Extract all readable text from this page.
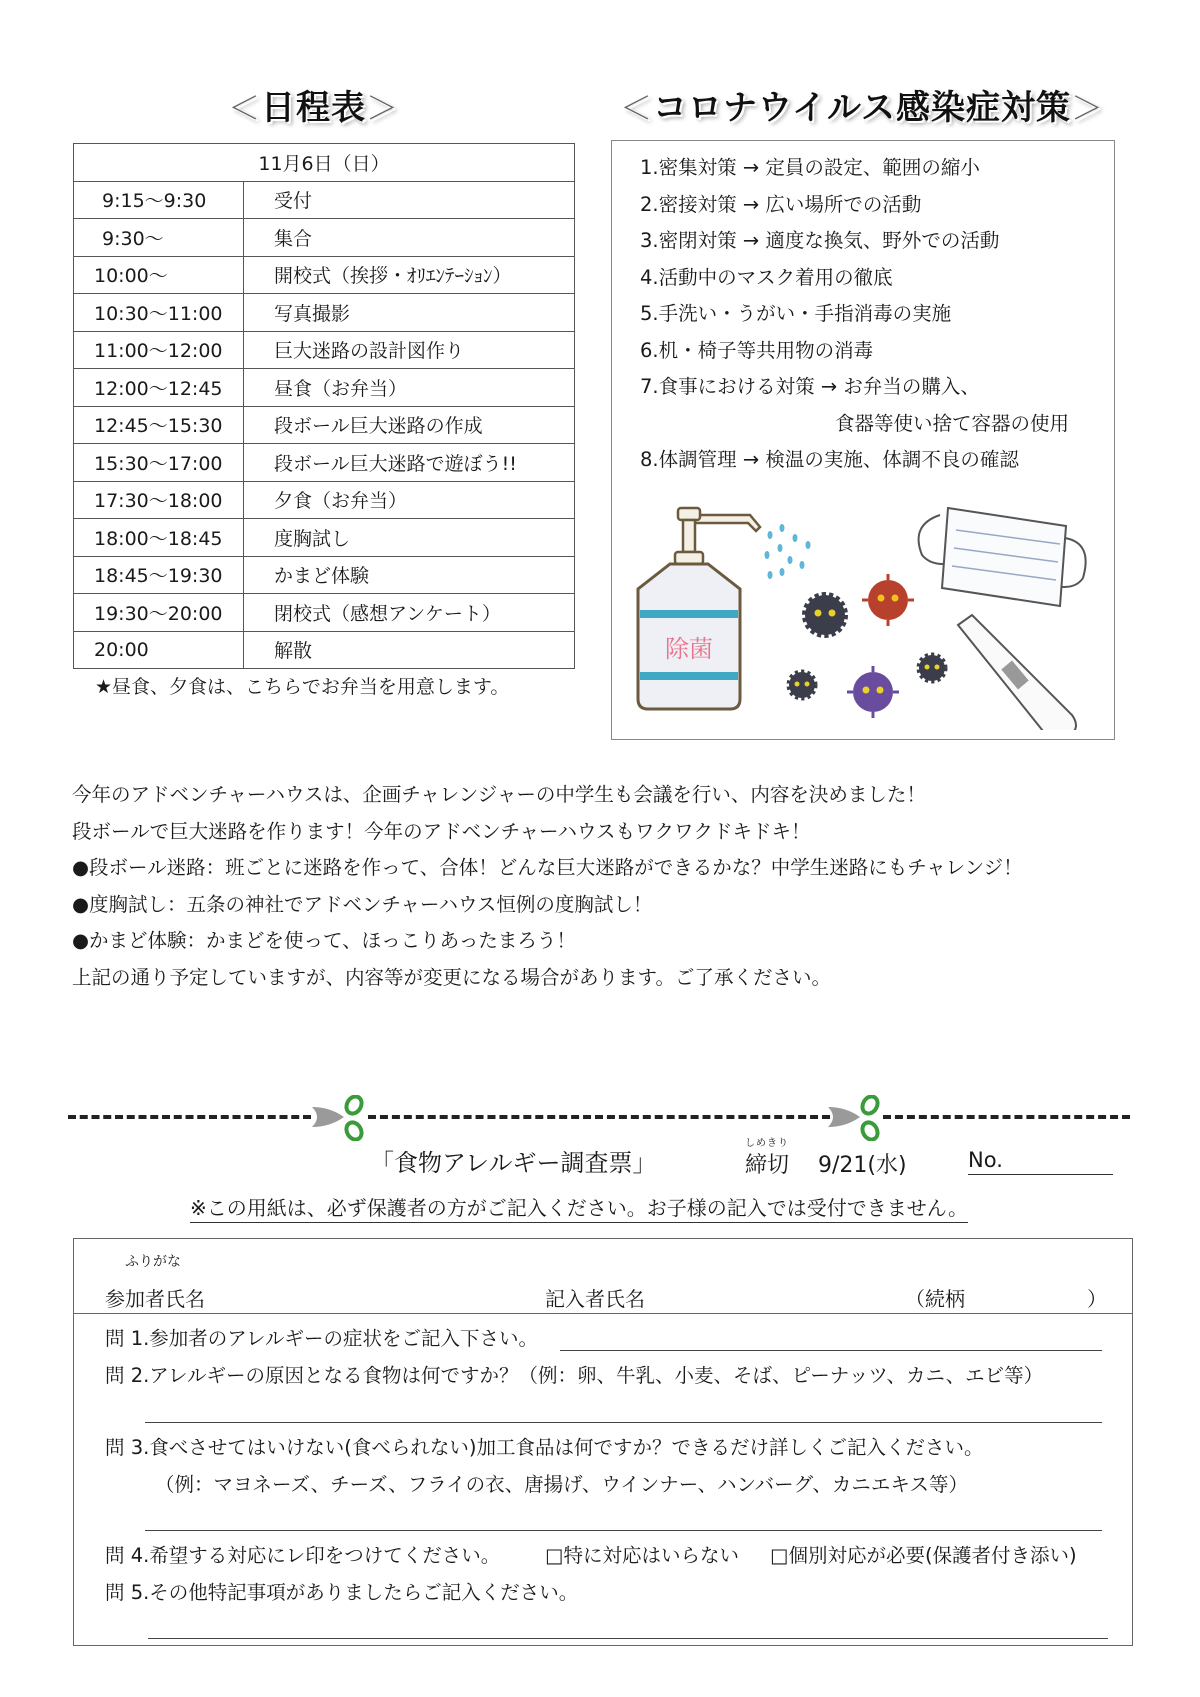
＜日程表＞
11月6日（日）	
9:15～9:30	受付
9:30～	集合
10:00～	開校式（挨拶・ｵﾘｴﾝﾃｰｼｮﾝ）
10:30～11:00	写真撮影
11:00～12:00	巨大迷路の設計図作り
12:00～12:45	昼食（お弁当）
12:45～15:30	段ボール巨大迷路の作成
15:30～17:00	段ボール巨大迷路で遊ぼう!!
17:30～18:00	夕食（お弁当）
18:00～18:45	度胸試し
18:45～19:30	かまど体験
19:30～20:00	閉校式（感想アンケート）
20:00	解散
★昼食、夕食は、こちらでお弁当を用意します。
＜コロナウイルス感染症対策＞
1.密集対策 → 定員の設定、範囲の縮小
2.密接対策 → 広い場所での活動
3.密閉対策 → 適度な換気、野外での活動
4.活動中のマスク着用の徹底
5.手洗い・うがい・手指消毒の実施
6.机・椅子等共用物の消毒
7.食事における対策 → お弁当の購入、
　　　　　　　　　　食器等使い捨て容器の使用
8.体調管理 → 検温の実施、体調不良の確認
除菌
今年のアドベンチャーハウスは、企画チャレンジャーの中学生も会議を行い、内容を決めました！
段ボールで巨大迷路を作ります！今年のアドベンチャーハウスもワクワクドキドキ！
●段ボール迷路：班ごとに迷路を作って、合体！どんな巨大迷路ができるかな？中学生迷路にもチャレンジ！
●度胸試し：五条の神社でアドベンチャーハウス恒例の度胸試し！
●かまど体験：かまどを使って、ほっこりあったまろう！
上記の通り予定していますが、内容等が変更になる場合があります。ご了承ください。
「食物アレルギー調査票」
しめきり
締切 9/21(水)	No.
※この用紙は、必ず保護者の方がご記入ください。お子様の記入では受付できません。
ふりがな
参加者氏名	記入者氏名	（続柄	）
問 1.参加者のアレルギーの症状をご記入下さい。
問 2.アレルギーの原因となる食物は何ですか？（例：卵、牛乳、小麦、そば、ピーナッツ、カニ、エビ等）
問 3.食べさせてはいけない(食べられない)加工食品は何ですか？できるだけ詳しくご記入ください。
（例：マヨネーズ、チーズ、フライの衣、唐揚げ、ウインナー、ハンバーグ、カニエキス等）
問 4.希望する対応にレ印をつけてください。 □特に対応はいらない □個別対応が必要(保護者付き添い)
問 5.その他特記事項がありましたらご記入ください。
